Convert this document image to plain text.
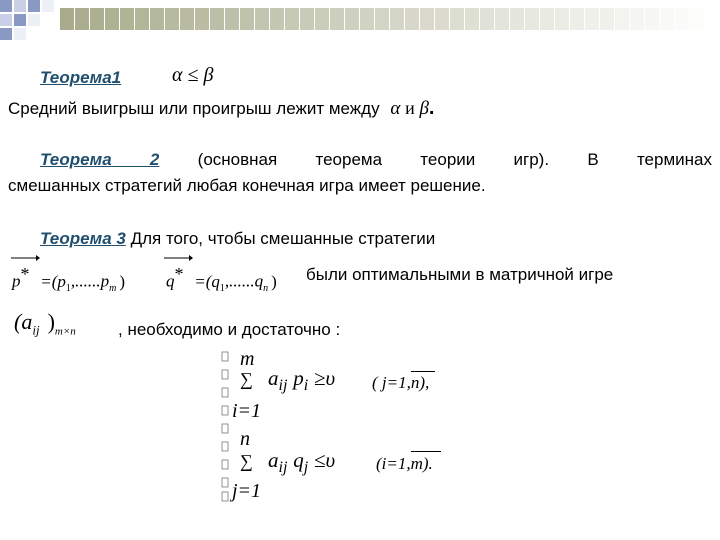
Теорема1	α ≤ β
Средний выигрыш или проигрыш лежит между α и β.
Теорема 2 (основная теорема теории игр). В терминах
смешанных стратегий любая конечная игра имеет решение.
Теорема 3 Для того, чтобы смешанные стратегии
$p^* =(p_1,......p_m$ ) $q^* =(q_1,......q_n$ ) были оптимальными в матричной игре
($a_{ij}$ )$_{m\times n}$ , необходимо и достаточно :
m
∑ $a_{ij}$ $p_i \ge\upsilon$
i=1
( j=1,n),
n
∑ $a_{ij}$ $q_j \le\upsilon$
j=1
(i=1,m).
